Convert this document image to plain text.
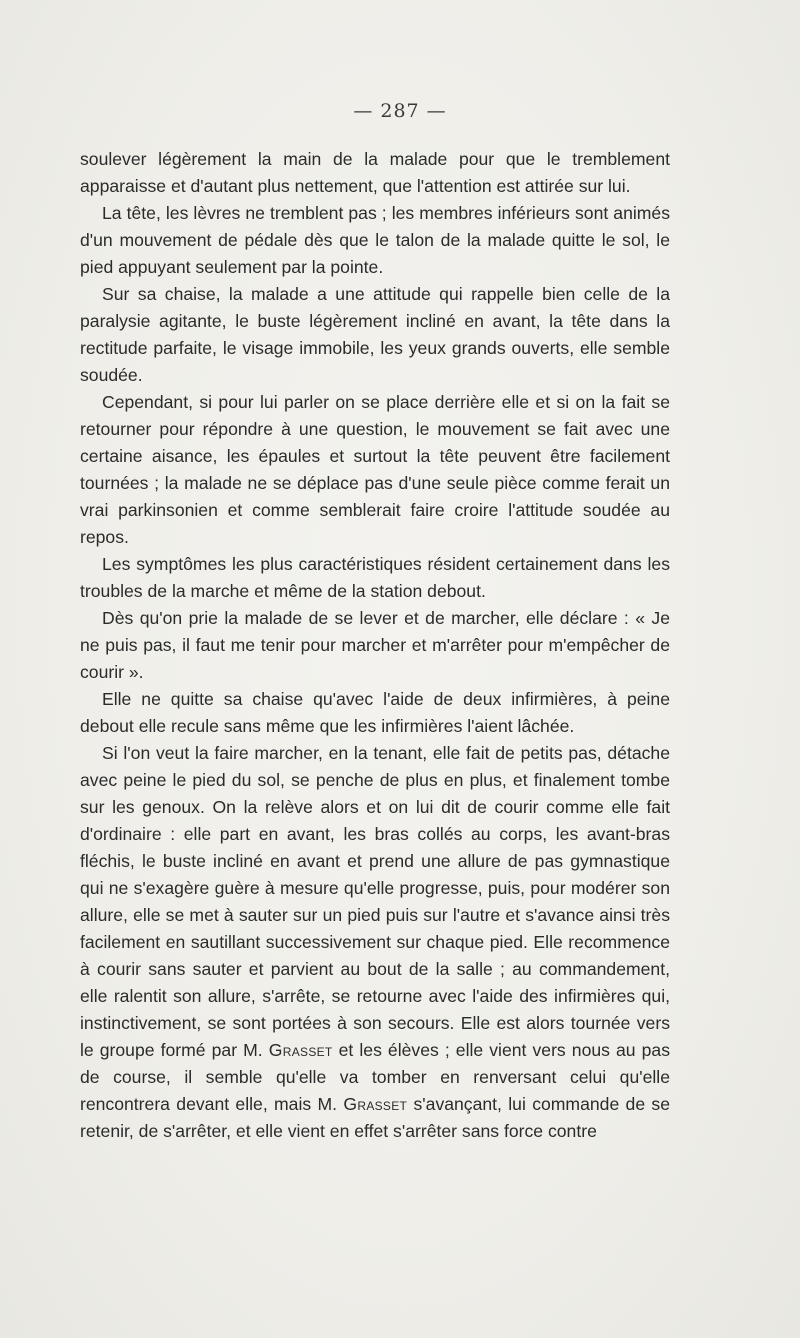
— 287 —

soulever légèrement la main de la malade pour que le tremblement apparaisse et d'autant plus nettement, que l'attention est attirée sur lui.

La tête, les lèvres ne tremblent pas ; les membres inférieurs sont animés d'un mouvement de pédale dès que le talon de la malade quitte le sol, le pied appuyant seulement par la pointe.

Sur sa chaise, la malade a une attitude qui rappelle bien celle de la paralysie agitante, le buste légèrement incliné en avant, la tête dans la rectitude parfaite, le visage immobile, les yeux grands ouverts, elle semble soudée.

Cependant, si pour lui parler on se place derrière elle et si on la fait se retourner pour répondre à une question, le mouvement se fait avec une certaine aisance, les épaules et surtout la tête peuvent être facilement tournées ; la malade ne se déplace pas d'une seule pièce comme ferait un vrai parkinsonien et comme semblerait faire croire l'attitude soudée au repos.

Les symptômes les plus caractéristiques résident certainement dans les troubles de la marche et même de la station debout.

Dès qu'on prie la malade de se lever et de marcher, elle déclare : « Je ne puis pas, il faut me tenir pour marcher et m'arrêter pour m'empêcher de courir ».

Elle ne quitte sa chaise qu'avec l'aide de deux infirmières, à peine debout elle recule sans même que les infirmières l'aient lâchée.

Si l'on veut la faire marcher, en la tenant, elle fait de petits pas, détache avec peine le pied du sol, se penche de plus en plus, et finalement tombe sur les genoux. On la relève alors et on lui dit de courir comme elle fait d'ordinaire : elle part en avant, les bras collés au corps, les avant-bras fléchis, le buste incliné en avant et prend une allure de pas gymnastique qui ne s'exagère guère à mesure qu'elle progresse, puis, pour modérer son allure, elle se met à sauter sur un pied puis sur l'autre et s'avance ainsi très facilement en sautillant successivement sur chaque pied. Elle recommence à courir sans sauter et parvient au bout de la salle ; au commandement, elle ralentit son allure, s'arrête, se retourne avec l'aide des infirmières qui, instinctivement, se sont portées à son secours. Elle est alors tournée vers le groupe formé par M. Grasset et les élèves ; elle vient vers nous au pas de course, il semble qu'elle va tomber en renversant celui qu'elle rencontrera devant elle, mais M. Grasset s'avançant, lui commande de se retenir, de s'arrêter, et elle vient en effet s'arrêter sans force contre
